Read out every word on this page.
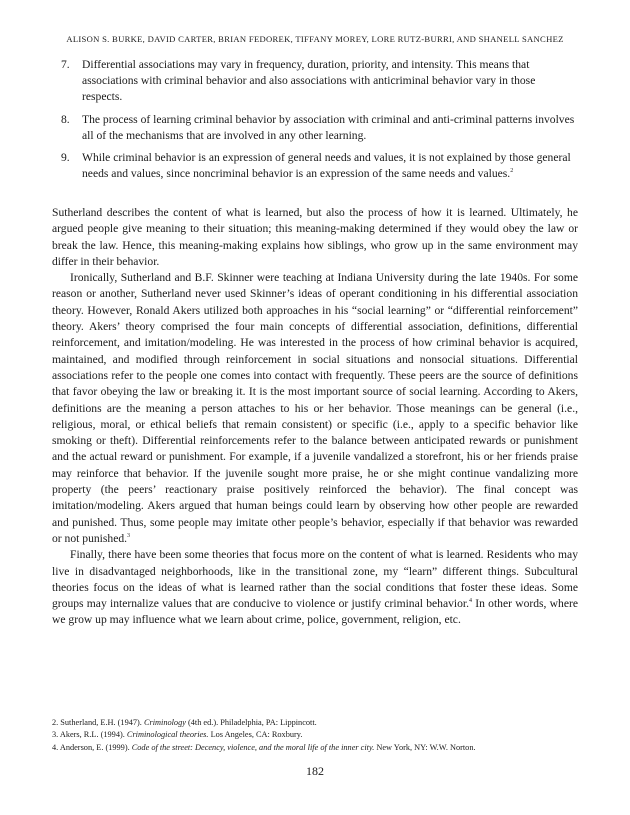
ALISON S. BURKE, DAVID CARTER, BRIAN FEDOREK, TIFFANY MOREY, LORE RUTZ-BURRI, AND SHANELL SANCHEZ
7. Differential associations may vary in frequency, duration, priority, and intensity. This means that associations with criminal behavior and also associations with anticriminal behavior vary in those respects.
8. The process of learning criminal behavior by association with criminal and anti-criminal patterns involves all of the mechanisms that are involved in any other learning.
9. While criminal behavior is an expression of general needs and values, it is not explained by those general needs and values, since noncriminal behavior is an expression of the same needs and values.$^2$

Sutherland describes the content of what is learned, but also the process of how it is learned. Ultimately, he argued people give meaning to their situation; this meaning-making determined if they would obey the law or break the law. Hence, this meaning-making explains how siblings, who grow up in the same environment may differ in their behavior.

Ironically, Sutherland and B.F. Skinner were teaching at Indiana University during the late 1940s. For some reason or another, Sutherland never used Skinner’s ideas of operant conditioning in his differential association theory. However, Ronald Akers utilized both approaches in his “social learning” or “differential reinforcement” theory. Akers’ theory comprised the four main concepts of differential association, definitions, differential reinforcement, and imitation/modeling. He was interested in the process of how criminal behavior is acquired, maintained, and modified through reinforcement in social situations and nonsocial situations. Differential associations refer to the people one comes into contact with frequently. These peers are the source of definitions that favor obeying the law or breaking it. It is the most important source of social learning. According to Akers, definitions are the meaning a person attaches to his or her behavior. Those meanings can be general (i.e., religious, moral, or ethical beliefs that remain consistent) or specific (i.e., apply to a specific behavior like smoking or theft). Differential reinforcements refer to the balance between anticipated rewards or punishment and the actual reward or punishment. For example, if a juvenile vandalized a storefront, his or her friends praise may reinforce that behavior. If the juvenile sought more praise, he or she might continue vandalizing more property (the peers’ reactionary praise positively reinforced the behavior). The final concept was imitation/modeling. Akers argued that human beings could learn by observing how other people are rewarded and punished. Thus, some people may imitate other people’s behavior, especially if that behavior was rewarded or not punished.$^3$

Finally, there have been some theories that focus more on the content of what is learned. Residents who may live in disadvantaged neighborhoods, like in the transitional zone, my “learn” different things. Subcultural theories focus on the ideas of what is learned rather than the social conditions that foster these ideas. Some groups may internalize values that are conducive to violence or justify criminal behavior.$^4$ In other words, where we grow up may influence what we learn about crime, police, government, religion, etc.

2. Sutherland, E.H. (1947). Criminology (4th ed.). Philadelphia, PA: Lippincott.
3. Akers, R.L. (1994). Criminological theories. Los Angeles, CA: Roxbury.
4. Anderson, E. (1999). Code of the street: Decency, violence, and the moral life of the inner city. New York, NY: W.W. Norton.
182
